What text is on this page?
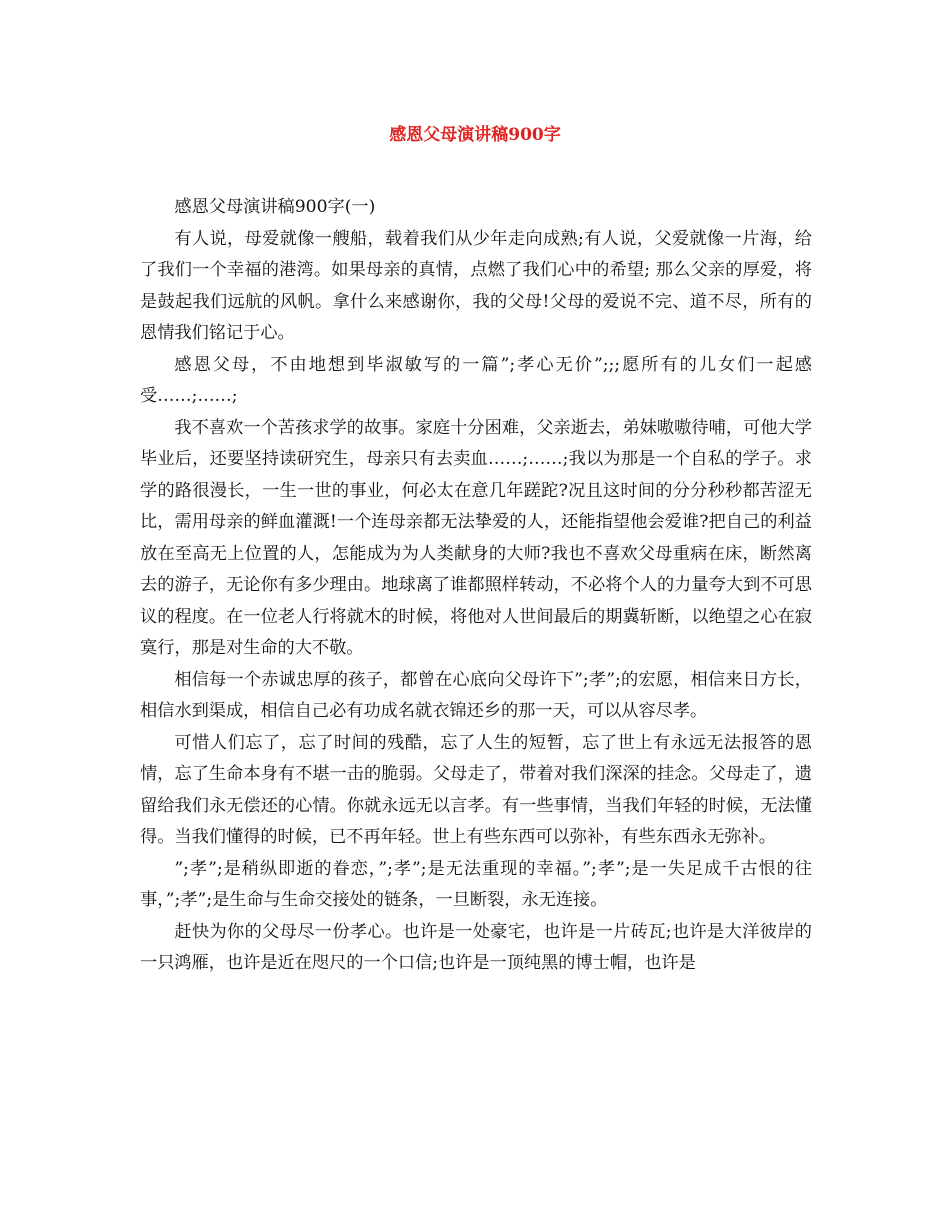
感恩父母演讲稿900字

感恩父母演讲稿900字(一)

有人说，母爱就像一艘船，载着我们从少年走向成熟;有人说，父爱就像一片海，给了我们一个幸福的港湾。如果母亲的真情，点燃了我们心中的希望; 那么父亲的厚爱，将是鼓起我们远航的风帆。拿什么来感谢你，我的父母!父母的爱说不完、道不尽，所有的恩情我们铭记于心。

感恩父母，不由地想到毕淑敏写的一篇”;孝心无价”;;;愿所有的儿女们一起感受……;……;

我不喜欢一个苦孩求学的故事。家庭十分困难，父亲逝去，弟妹嗷嗷待哺，可他大学毕业后，还要坚持读研究生，母亲只有去卖血……;……;我以为那是一个自私的学子。求学的路很漫长，一生一世的事业，何必太在意几年蹉跎?况且这时间的分分秒秒都苦涩无比，需用母亲的鲜血灌溉!一个连母亲都无法挚爱的人，还能指望他会爱谁?把自己的利益放在至高无上位置的人，怎能成为为人类献身的大师?我也不喜欢父母重病在床，断然离去的游子，无论你有多少理由。地球离了谁都照样转动，不必将个人的力量夸大到不可思议的程度。在一位老人行将就木的时候，将他对人世间最后的期冀斩断，以绝望之心在寂寞行，那是对生命的大不敬。

相信每一个赤诚忠厚的孩子，都曾在心底向父母许下”;孝”;的宏愿，相信来日方长，相信水到渠成，相信自己必有功成名就衣锦还乡的那一天，可以从容尽孝。

可惜人们忘了，忘了时间的残酷，忘了人生的短暂，忘了世上有永远无法报答的恩情，忘了生命本身有不堪一击的脆弱。父母走了，带着对我们深深的挂念。父母走了，遗留给我们永无偿还的心情。你就永远无以言孝。有一些事情，当我们年轻的时候，无法懂得。当我们懂得的时候，已不再年轻。世上有些东西可以弥补，有些东西永无弥补。

”;孝”;是稍纵即逝的眷恋，”;孝”;是无法重现的幸福。”;孝”;是一失足成千古恨的往事，”;孝”;是生命与生命交接处的链条，一旦断裂，永无连接。

赶快为你的父母尽一份孝心。也许是一处豪宅，也许是一片砖瓦;也许是大洋彼岸的一只鸿雁，也许是近在咫尺的一个口信;也许是一顶纯黑的博士帽，也许是
